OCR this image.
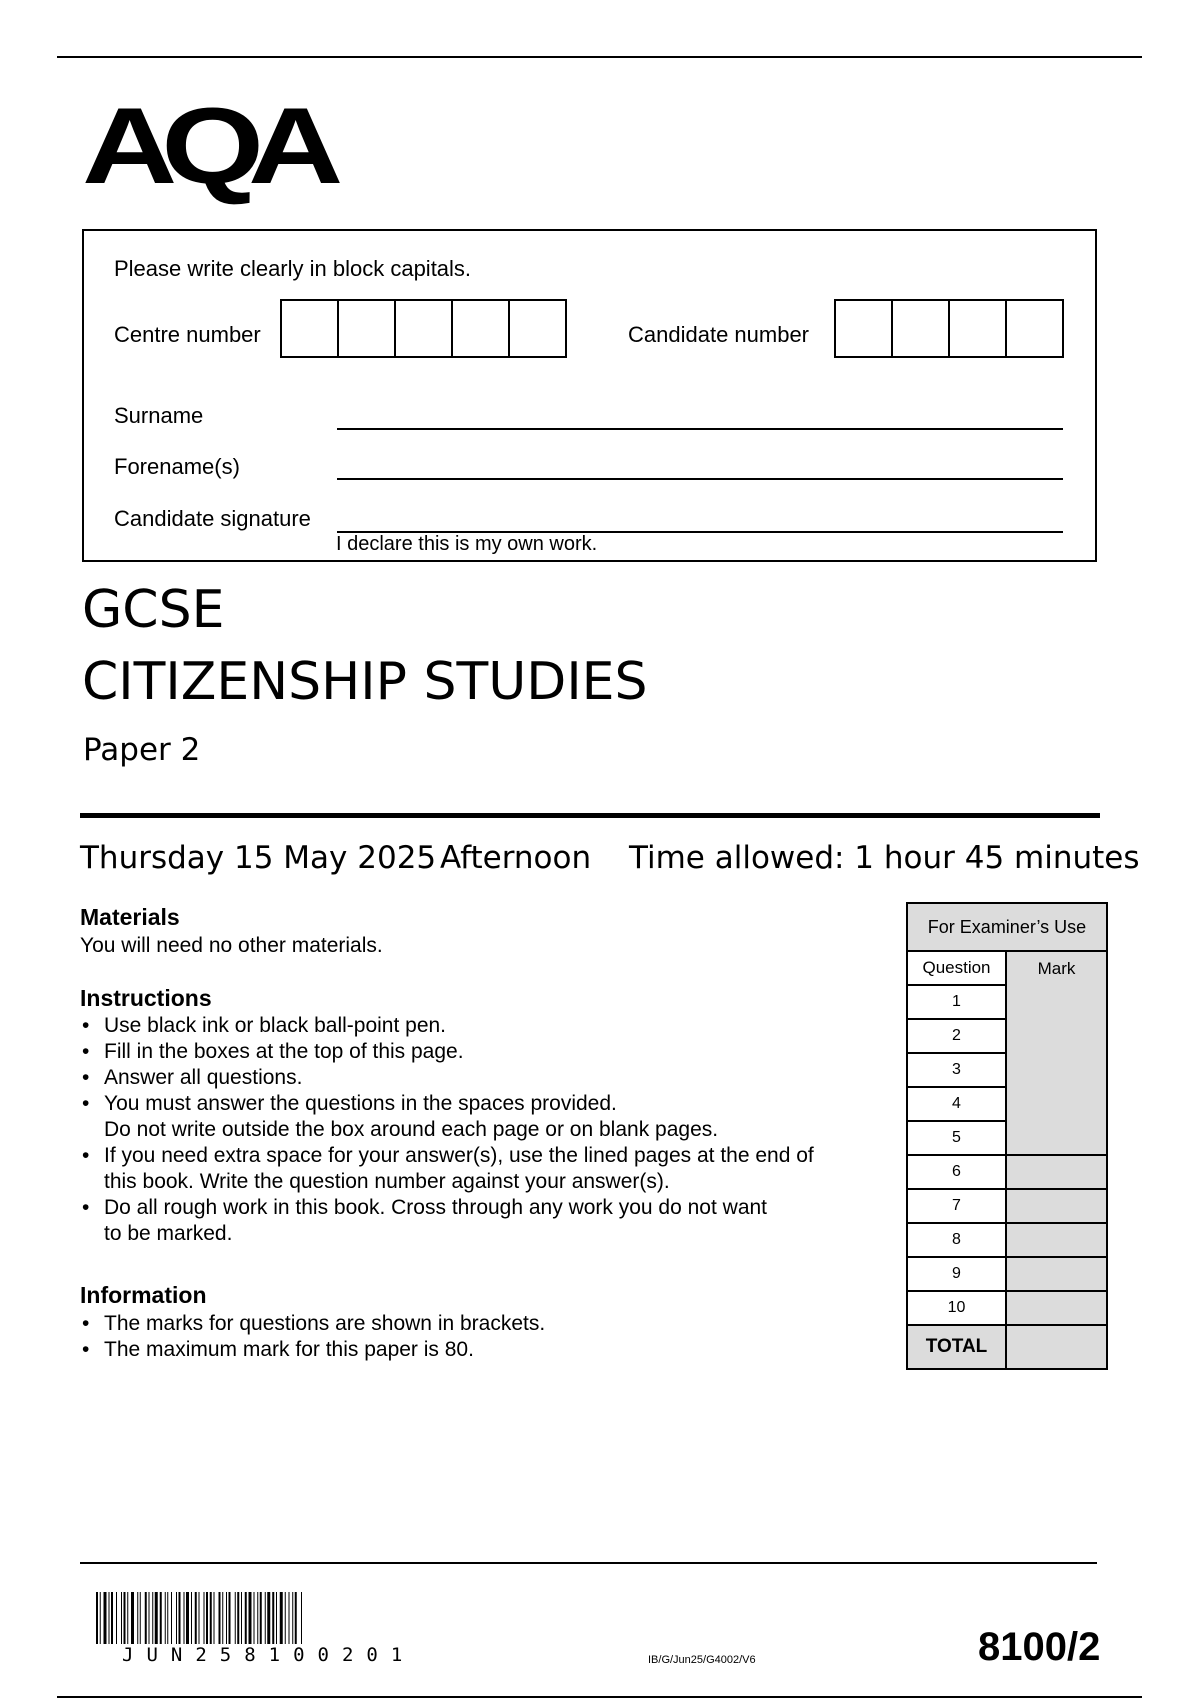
AQA
Please write clearly in block capitals.
Centre number	Candidate number
Surname
Forename(s)
Candidate signature
I declare this is my own work.
GCSE
CITIZENSHIP STUDIES
Paper 2
Thursday 15 May 2025 Afternoon Time allowed: 1 hour 45 minutes
Materials
You will need no other materials.
Instructions
• Use black ink or black ball-point pen.
• Fill in the boxes at the top of this page.
• Answer all questions.
• You must answer the questions in the spaces provided.
Do not write outside the box around each page or on blank pages.
• If you need extra space for your answer(s), use the lined pages at the end of
this book. Write the question number against your answer(s).
• Do all rough work in this book. Cross through any work you do not want
to be marked.
Information
• The marks for questions are shown in brackets.
• The maximum mark for this paper is 80.
For Examiner’s Use
Question	Mark
1
2
3
4
5
6
7
8
9
10
TOTAL
JUN258100201	IB/G/Jun25/G4002/V6	8100/2
